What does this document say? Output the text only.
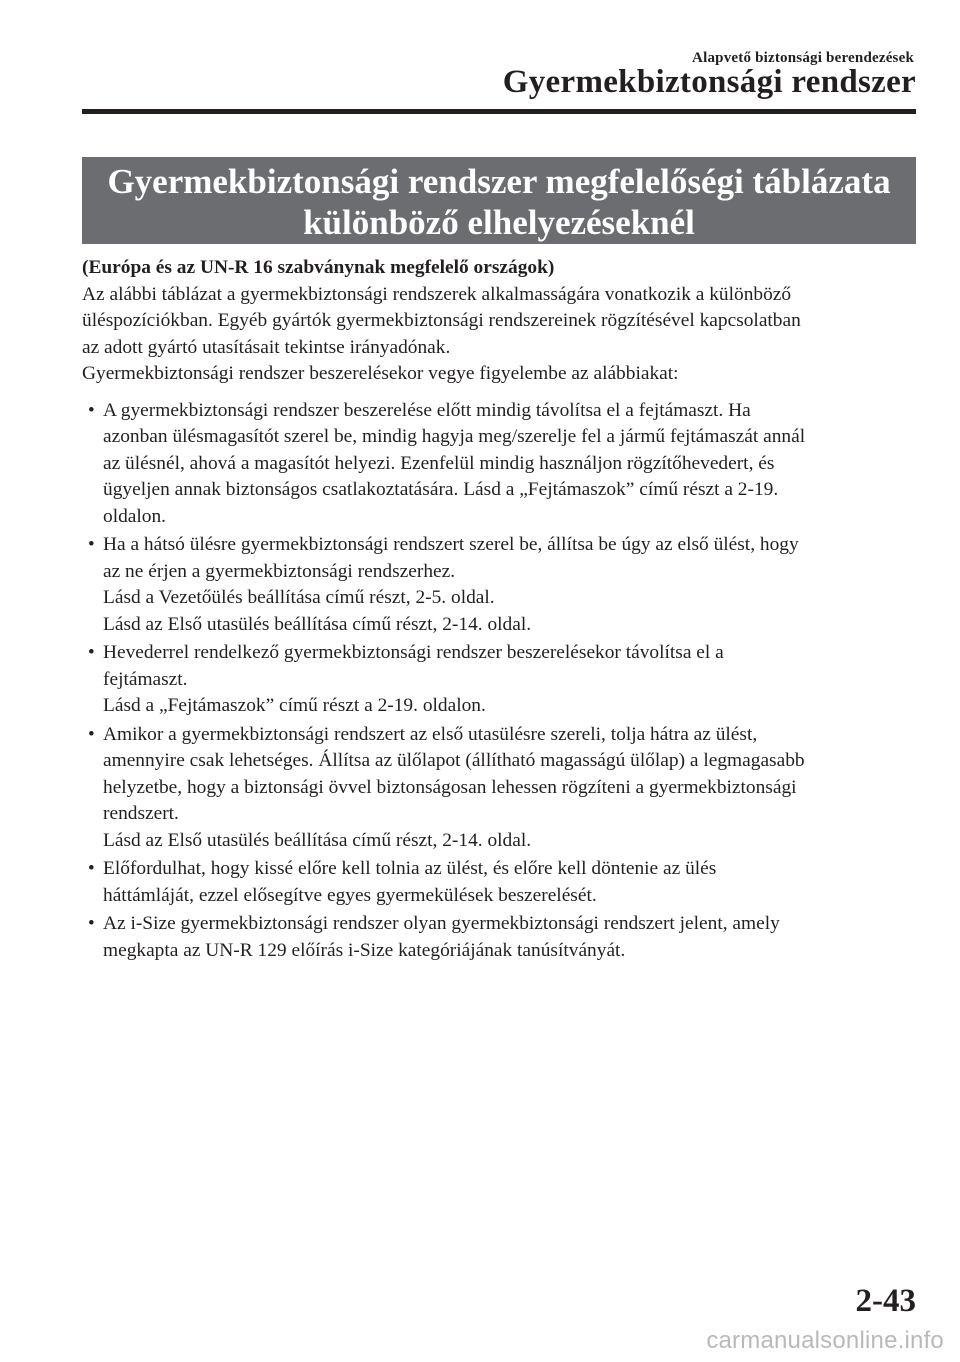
Alapvető biztonsági berendezések
Gyermekbiztonsági rendszer
Gyermekbiztonsági rendszer megfelelőségi táblázata
különböző elhelyezéseknél

(Európa és az UN-R 16 szabványnak megfelelő országok)

Az alábbi táblázat a gyermekbiztonsági rendszerek alkalmasságára vonatkozik a különböző

üléspozíciókban. Egyéb gyártók gyermekbiztonsági rendszereinek rögzítésével kapcsolatban

az adott gyártó utasításait tekintse irányadónak.

Gyermekbiztonsági rendszer beszerelésekor vegye figyelembe az alábbiakat:

• A gyermekbiztonsági rendszer beszerelése előtt mindig távolítsa el a fejtámaszt. Ha
azonban ülésmagasítót szerel be, mindig hagyja meg/szerelje fel a jármű fejtámaszát annál
az ülésnél, ahová a magasítót helyezi. Ezenfelül mindig használjon rögzítőhevedert, és
ügyeljen annak biztonságos csatlakoztatására. Lásd a „Fejtámaszok” című részt a 2-19.
oldalon.
• Ha a hátsó ülésre gyermekbiztonsági rendszert szerel be, állítsa be úgy az első ülést, hogy
az ne érjen a gyermekbiztonsági rendszerhez.
Lásd a Vezetőülés beállítása című részt, 2-5. oldal.
Lásd az Első utasülés beállítása című részt, 2-14. oldal.
• Hevederrel rendelkező gyermekbiztonsági rendszer beszerelésekor távolítsa el a
fejtámaszt.
Lásd a „Fejtámaszok” című részt a 2-19. oldalon.
• Amikor a gyermekbiztonsági rendszert az első utasülésre szereli, tolja hátra az ülést,
amennyire csak lehetséges. Állítsa az ülőlapot (állítható magasságú ülőlap) a legmagasabb
helyzetbe, hogy a biztonsági övvel biztonságosan lehessen rögzíteni a gyermekbiztonsági
rendszert.
Lásd az Első utasülés beállítása című részt, 2-14. oldal.
• Előfordulhat, hogy kissé előre kell tolnia az ülést, és előre kell döntenie az ülés
háttámláját, ezzel elősegítve egyes gyermekülések beszerelését.
• Az i-Size gyermekbiztonsági rendszer olyan gyermekbiztonsági rendszert jelent, amely
megkapta az UN-R 129 előírás i-Size kategóriájának tanúsítványát.
2-43
carmanualsonline.info
